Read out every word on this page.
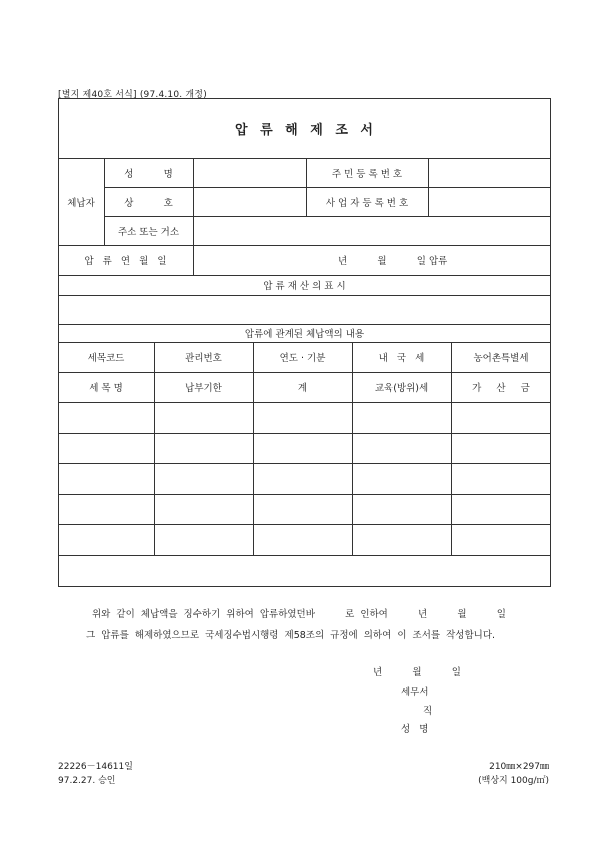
[별지 제40호 서식] (97.4.10. 개정)
압 류 해 제 조 서
체납자
성          명	주 민 등 록 번 호
상          호	사 업 자 등 록 번 호
주소 또는 거소
압   류   연   월   일	년          월          일 압류
압 류 재 산 의 표 시
압류에 관계된 체납액의 내용
세목코드	관리번호	연도 · 기분	내   국   세	농어촌특별세
세 목 명	납부기한	계	교육(방위)세	가     산     금
위와  같이  체납액을  징수하기  위하여  압류하였던바          로  인하여          년          월          일
그  압류를  해제하였으므로  국세징수법시행령  제58조의  규정에  의하여  이  조서를  작성합니다.
년          월          일
세무서
직
성   명
22226－14611일
97.2.27. 승인
210㎜×297㎜
(백상지 100g/㎡)
